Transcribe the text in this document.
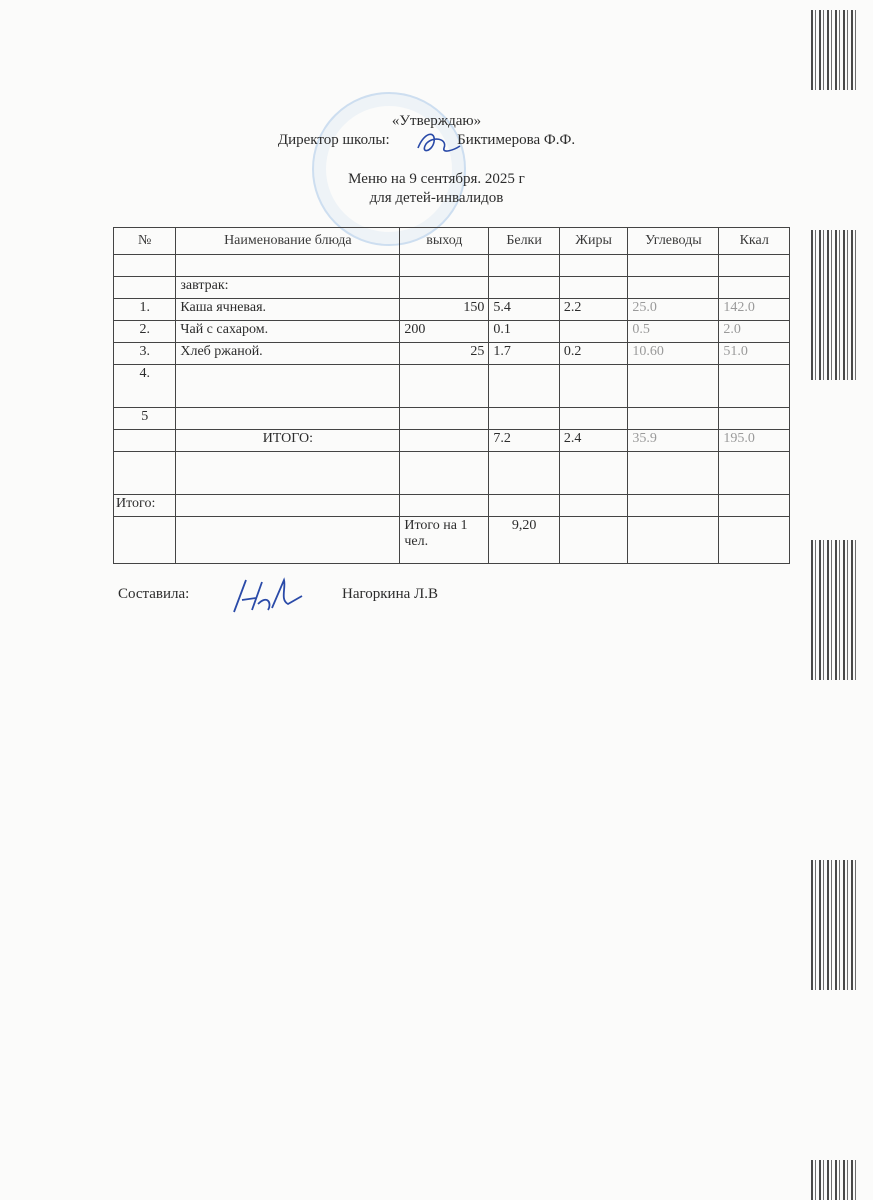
«Утверждаю»
Директор школы:	Биктимерова Ф.Ф.
Меню на 9 сентября. 2025 г
для детей-инвалидов
№	Наименование блюда	выход	Белки	Жиры	Углеводы	Ккал

	завтрак:					
1.	Каша ячневая.	150	5.4	2.2	25.0	142.0
2.	Чай с сахаром.	200	0.1		0.5	2.0
3.	Хлеб ржаной.	25	1.7	0.2	10.60	51.0
4.						
5						
	ИТОГО:		7.2	2.4	35.9	195.0

Итого:						
		Итого на 1 чел.	9,20			
Составила:	Нагоркина Л.В
